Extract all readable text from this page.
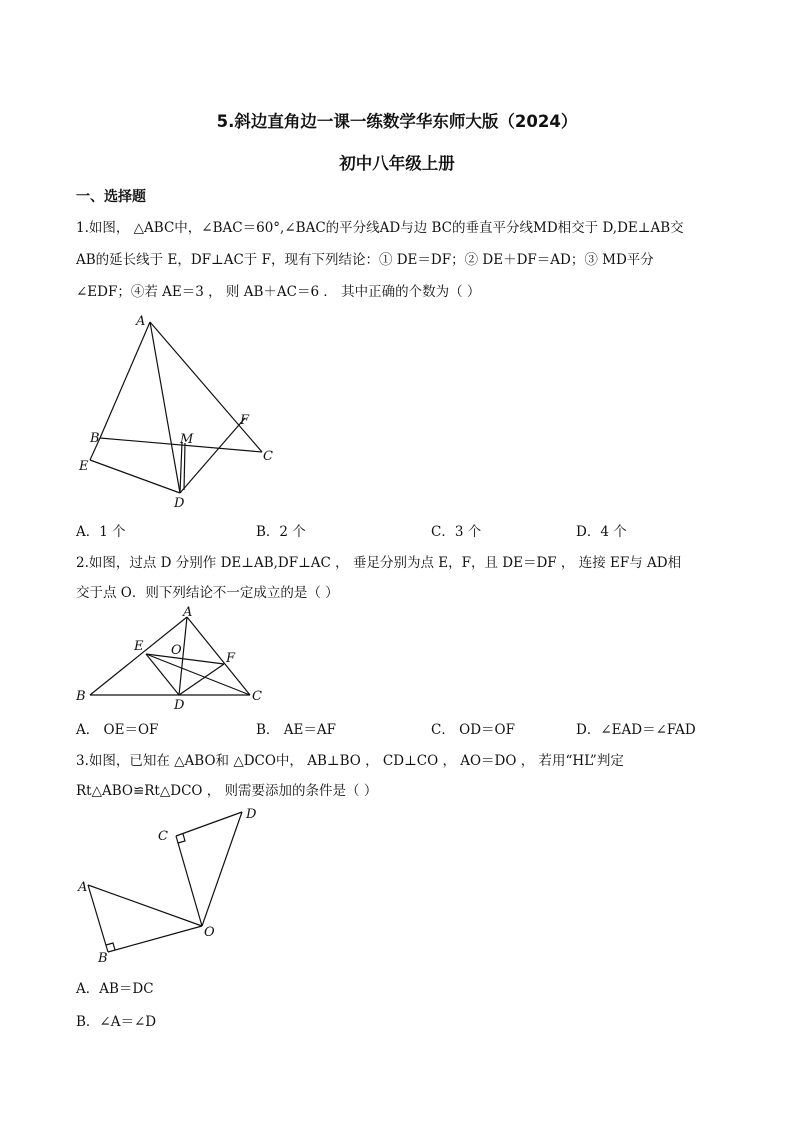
5.斜边直角边一课一练数学华东师大版（2024）
初中八年级上册
一、选择题
1.如图， △ABC中，∠BAC＝60°,∠BAC的平分线AD与边 BC的垂直平分线MD相交于 D,DE⊥AB交
AB的延长线于 E，DF⊥AC于 F，现有下列结论：① DE＝DF；② DE＋DF＝AD；③ MD平分
∠EDF；④若 AE＝3 ， 则 AB＋AC＝6 ． 其中正确的个数为（ ）
A
B
C
D
E
F
M
A．1 个	B．2 个	C．3 个	D．4 个
2.如图，过点 D 分别作 DE⊥AB,DF⊥AC ， 垂足分别为点 E，F，且 DE＝DF ， 连接 EF与 AD相
交于点 O．则下列结论不一定成立的是（ ）
A
B	C
D
E
F
O
A． OE＝OF	B． AE＝AF	C． OD＝OF	D．∠EAD＝∠FAD
3.如图，已知在 △ABO和 △DCO中， AB⊥BO ， CD⊥CO ， AO＝DO ， 若用“HL”判定
Rt△ABO≌Rt△DCO ， 则需要添加的条件是（ ）
A
B
C
D
O
A．AB＝DC
B．∠A＝∠D
